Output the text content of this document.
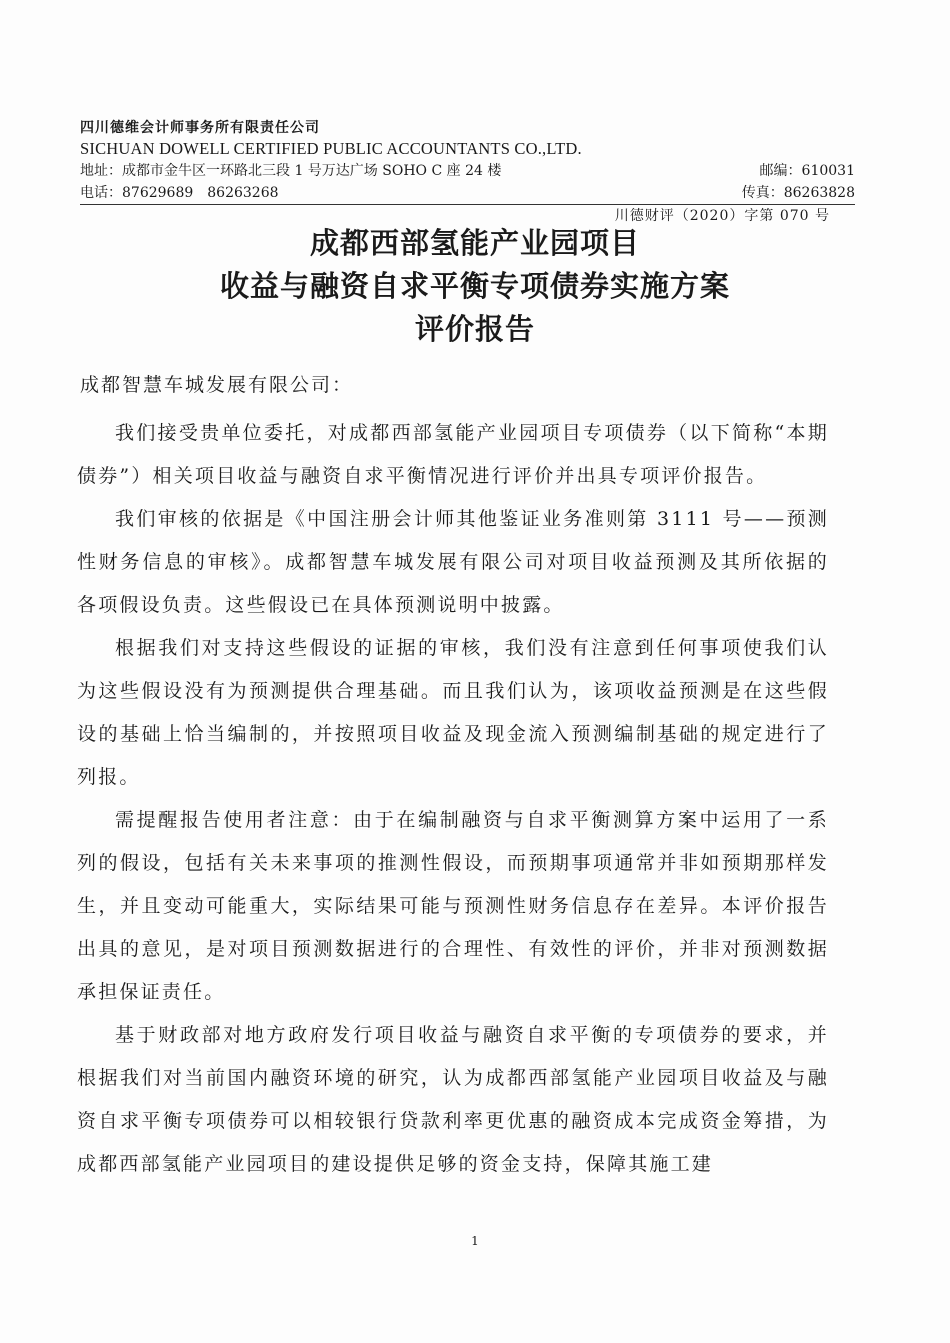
四川德维会计师事务所有限责任公司
SICHUAN DOWELL CERTIFIED PUBLIC ACCOUNTANTS CO.,LTD.
地址：成都市金牛区一环路北三段 1 号万达广场 SOHO C 座 24 楼	邮编：610031
电话：87629689　86263268	传真：86263828
川德财评（2020）字第 070 号
成都西部氢能产业园项目
收益与融资自求平衡专项债券实施方案
评价报告
成都智慧车城发展有限公司：

我们接受贵单位委托，对成都西部氢能产业园项目专项债券（以下简称“本期债券”）相关项目收益与融资自求平衡情况进行评价并出具专项评价报告。

我们审核的依据是《中国注册会计师其他鉴证业务准则第 3111 号——预测性财务信息的审核》。成都智慧车城发展有限公司对项目收益预测及其所依据的各项假设负责。这些假设已在具体预测说明中披露。

根据我们对支持这些假设的证据的审核，我们没有注意到任何事项使我们认为这些假设没有为预测提供合理基础。而且我们认为，该项收益预测是在这些假设的基础上恰当编制的，并按照项目收益及现金流入预测编制基础的规定进行了列报。

需提醒报告使用者注意：由于在编制融资与自求平衡测算方案中运用了一系列的假设，包括有关未来事项的推测性假设，而预期事项通常并非如预期那样发生，并且变动可能重大，实际结果可能与预测性财务信息存在差异。本评价报告出具的意见，是对项目预测数据进行的合理性、有效性的评价，并非对预测数据承担保证责任。

基于财政部对地方政府发行项目收益与融资自求平衡的专项债券的要求，并根据我们对当前国内融资环境的研究，认为成都西部氢能产业园项目收益及与融资自求平衡专项债券可以相较银行贷款利率更优惠的融资成本完成资金筹措，为成都西部氢能产业园项目的建设提供足够的资金支持，保障其施工建

1
